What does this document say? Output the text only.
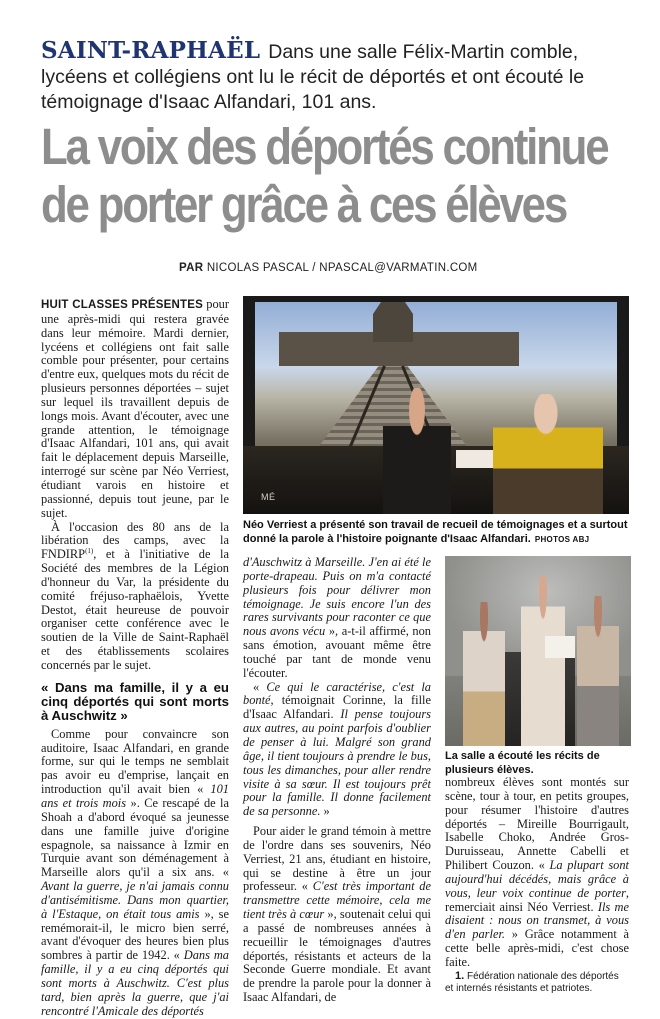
SAINT-RAPHAËL Dans une salle Félix-Martin comble, lycéens et collégiens ont lu le récit de déportés et ont écouté le témoignage d'Isaac Alfandari, 101 ans.
La voix des déportés continue
de porter grâce à ces élèves
PAR NICOLAS PASCAL / NPASCAL@VARMATIN.COM

HUIT CLASSES PRÉSENTES pour une après-midi qui restera gravée dans leur mémoire. Mardi dernier, lycéens et collégiens ont fait salle comble pour présenter, pour certains d'entre eux, quelques mots du récit de plusieurs personnes déportées – sujet sur lequel ils travaillent depuis de longs mois. Avant d'écouter, avec une grande attention, le témoignage d'Isaac Alfandari, 101 ans, qui avait fait le déplacement depuis Marseille, interrogé sur scène par Néo Verriest, étudiant varois en histoire et passionné, depuis tout jeune, par le sujet.

À l'occasion des 80 ans de la libération des camps, avec la FNDIRP$^{(1)}$, et à l'initiative de la Société des membres de la Légion d'honneur du Var, la présidente du comité fréjuso-raphaëlois, Yvette Destot, était heureuse de pouvoir organiser cette conférence avec le soutien de la Ville de Saint-Raphaël et des établissements scolaires concernés par le sujet.

« Dans ma famille, il y a eu cinq déportés qui sont morts à Auschwitz »

Comme pour convaincre son auditoire, Isaac Alfandari, en grande forme, sur qui le temps ne semblait pas avoir eu d'emprise, lançait en introduction qu'il avait bien « 101 ans et trois mois ». Ce rescapé de la Shoah a d'abord évoqué sa jeunesse dans une famille juive d'origine espagnole, sa naissance à Izmir en Turquie avant son déménagement à Marseille alors qu'il a six ans. « Avant la guerre, je n'ai jamais connu d'antisémitisme. Dans mon quartier, à l'Estaque, on était tous amis », se remémorait-il, le micro bien serré, avant d'évoquer des heures bien plus sombres à partir de 1942. « Dans ma famille, il y a eu cinq déportés qui sont morts à Auschwitz. C'est plus tard, bien après la guerre, que j'ai rencontré l'Amicale des déportés

MÉ
Néo Verriest a présenté son travail de recueil de témoignages et a surtout donné la parole à l'histoire poignante d'Isaac Alfandari. PHOTOS ABJ

d'Auschwitz à Marseille. J'en ai été le porte-drapeau. Puis on m'a contacté plusieurs fois pour délivrer mon témoignage. Je suis encore l'un des rares survivants pour raconter ce que nous avons vécu », a-t-il affirmé, non sans émotion, avouant même être touché par tant de monde venu l'écouter.

« Ce qui le caractérise, c'est la bonté, témoignait Corinne, la fille d'Isaac Alfandari. Il pense toujours aux autres, au point parfois d'oublier de penser à lui. Malgré son grand âge, il tient toujours à prendre le bus, tous les dimanches, pour aller rendre visite à sa sœur. Il est toujours prêt pour la famille. Il donne facilement de sa personne. »

Pour aider le grand témoin à mettre de l'ordre dans ses souvenirs, Néo Verriest, 21 ans, étudiant en histoire, qui se destine à être un jour professeur. « C'est très important de transmettre cette mémoire, cela me tient très à cœur », soutenait celui qui a passé de nombreuses années à recueillir le témoignages d'autres déportés, résistants et acteurs de la Seconde Guerre mondiale. Et avant de prendre la parole pour la donner à Isaac Alfandari, de

La salle a écouté les récits de plusieurs élèves.

nombreux élèves sont montés sur scène, tour à tour, en petits groupes, pour résumer l'histoire d'autres déportés – Mireille Bourrigault, Isabelle Choko, Andrée Gros-Duruisseau, Annette Cabelli et Philibert Couzon. « La plupart sont aujourd'hui décédés, mais grâce à vous, leur voix continue de porter, remerciait ainsi Néo Verriest. Ils me disaient : nous on transmet, à vous d'en parler. » Grâce notamment à cette belle après-midi, c'est chose faite.

1. Fédération nationale des déportés et internés résistants et patriotes.
